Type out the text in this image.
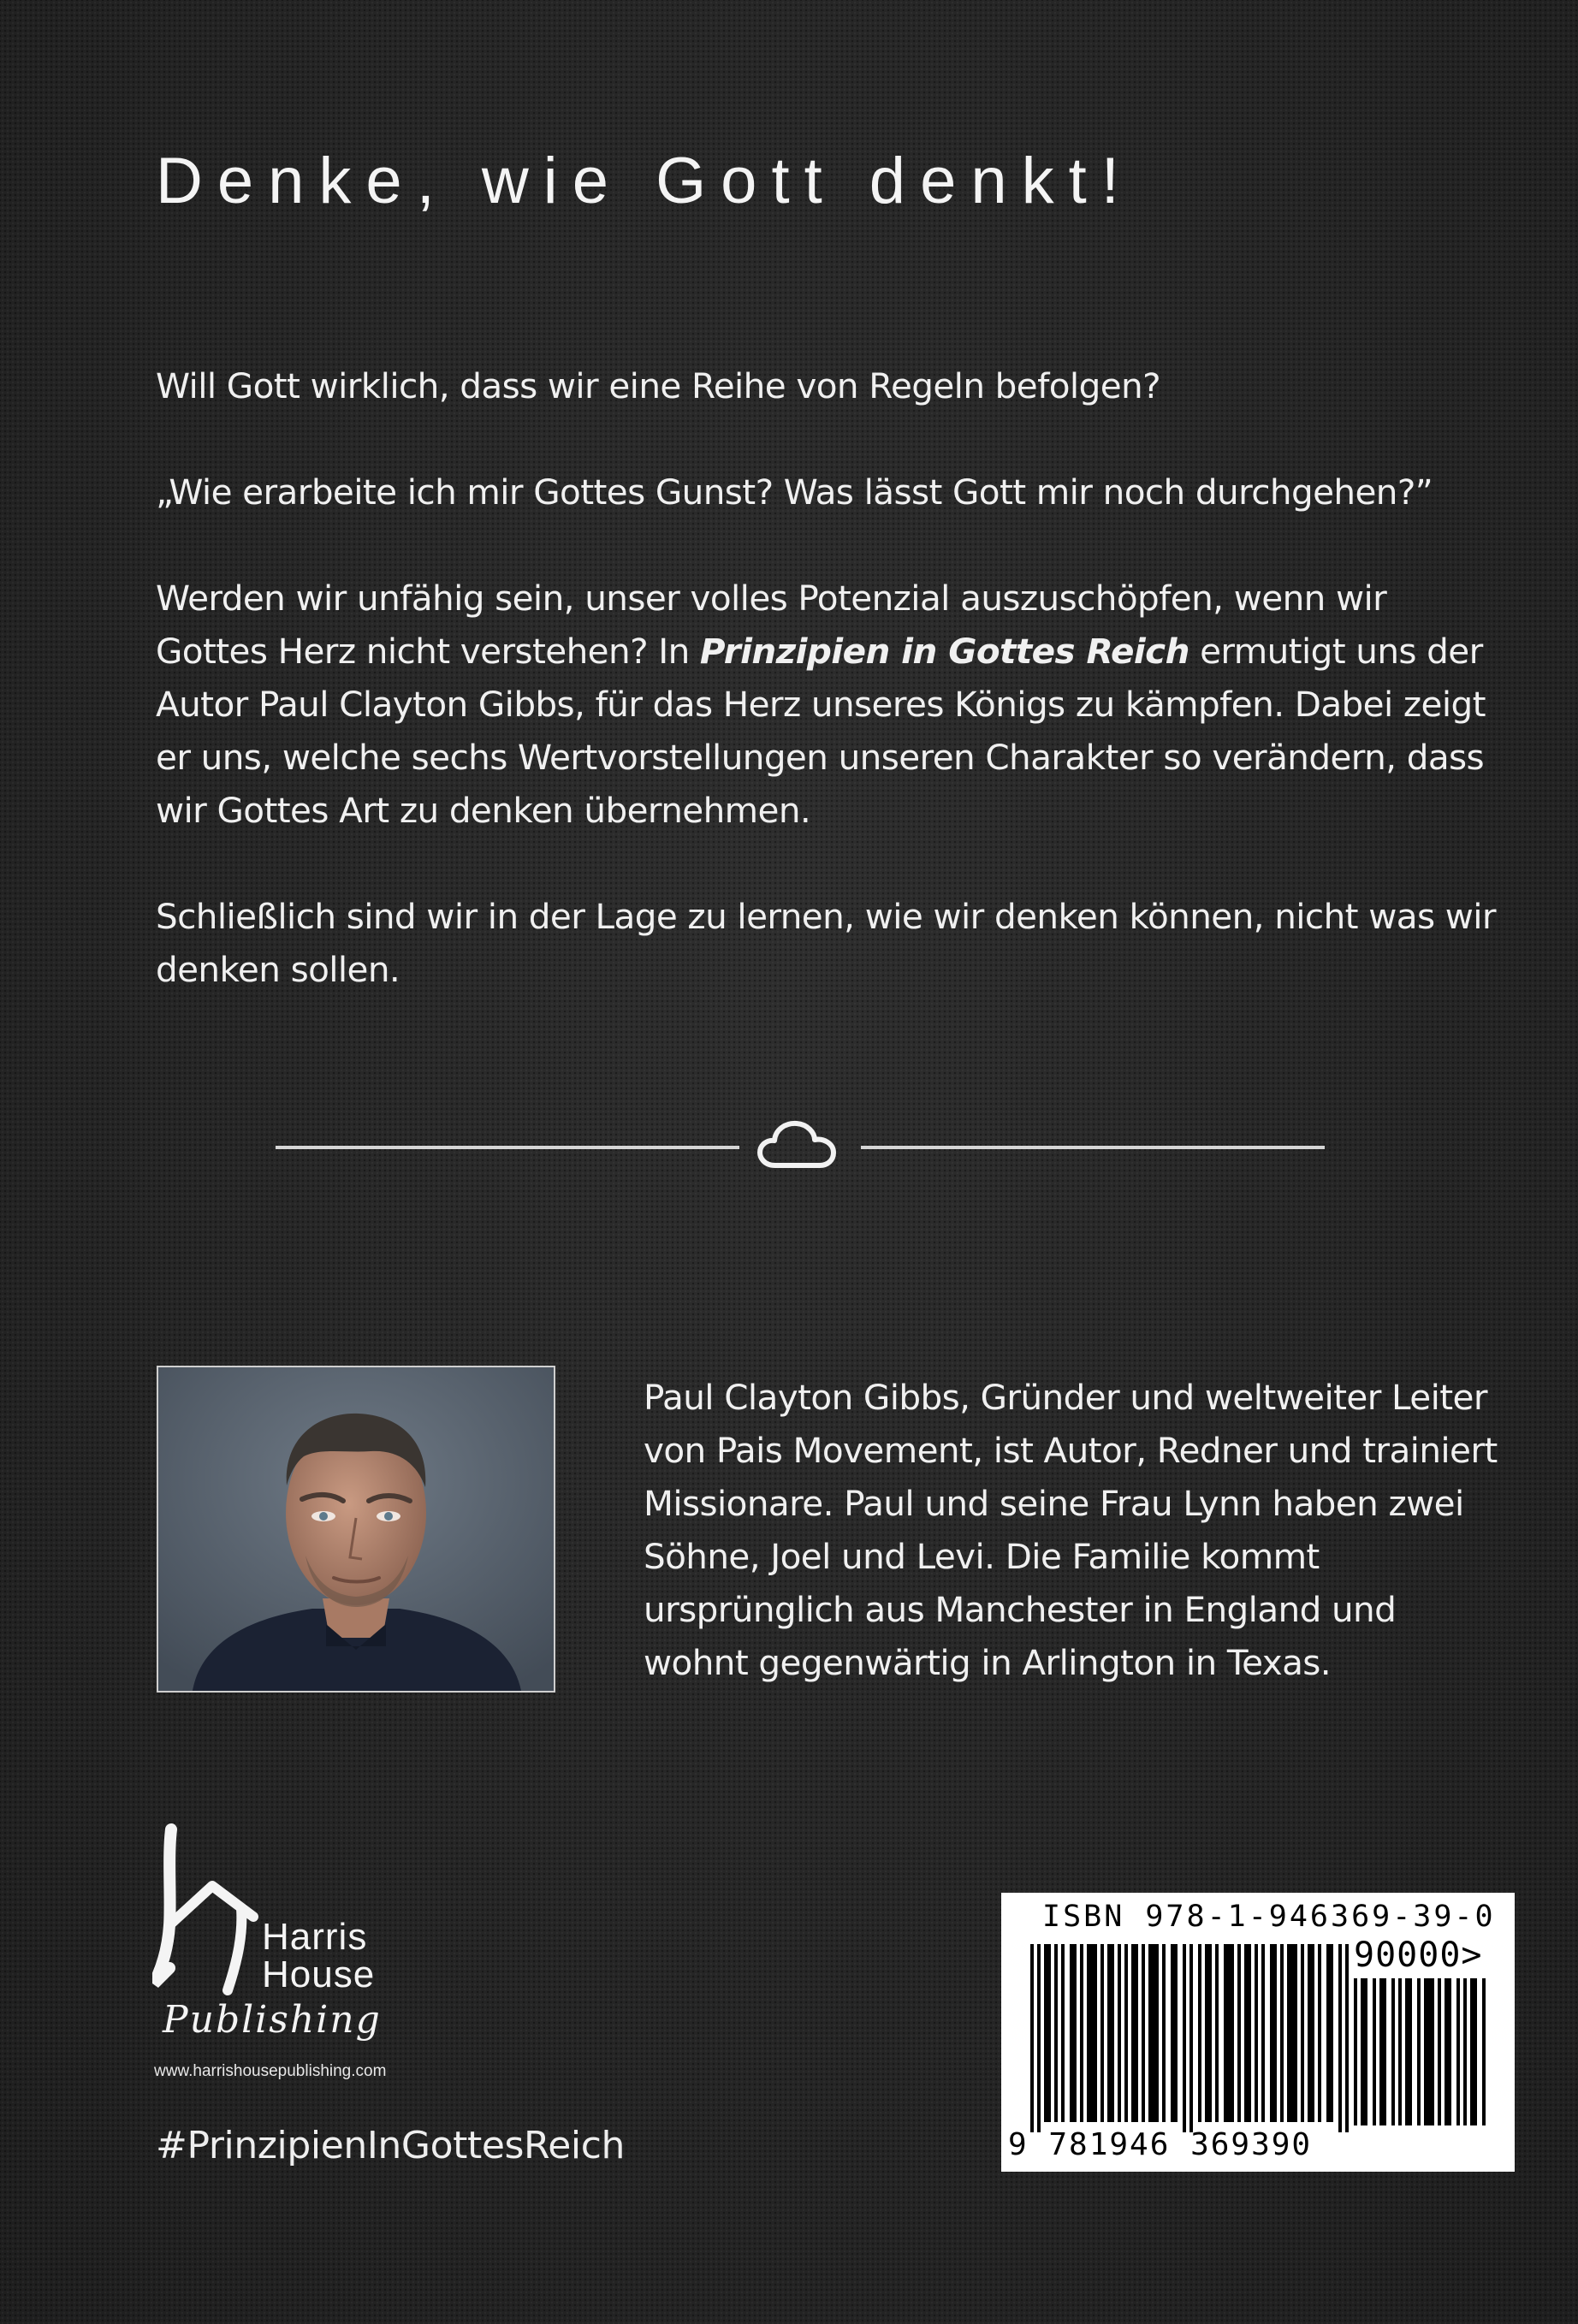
Denke, wie Gott denkt!

Will Gott wirklich, dass wir eine Reihe von Regeln befolgen?

„Wie erarbeite ich mir Gottes Gunst? Was lässt Gott mir noch durchgehen?”

Werden wir unfähig sein, unser volles Potenzial auszuschöpfen, wenn wir Gottes Herz nicht verstehen? In Prinzipien in Gottes Reich ermutigt uns der Autor Paul Clayton Gibbs, für das Herz unseres Königs zu kämpfen. Dabei zeigt er uns, welche sechs Wertvorstellungen unseren Charakter so verändern, dass wir Gottes Art zu denken übernehmen.

Schließlich sind wir in der Lage zu lernen, wie wir denken können, nicht was wir denken sollen.

Paul Clayton Gibbs, Gründer und weltweiter Leiter von Pais Movement, ist Autor, Redner und trainiert Missionare. Paul und seine Frau Lynn haben zwei Söhne, Joel und Levi. Die Familie kommt ursprünglich aus Manchester in England und wohnt gegenwärtig in Arlington in Texas.

Harris
House
Publishing
www.harrishousepublishing.com
#PrinzipienInGottesReich
ISBN 978-1-946369-39-0
90000>
9 781946 369390
